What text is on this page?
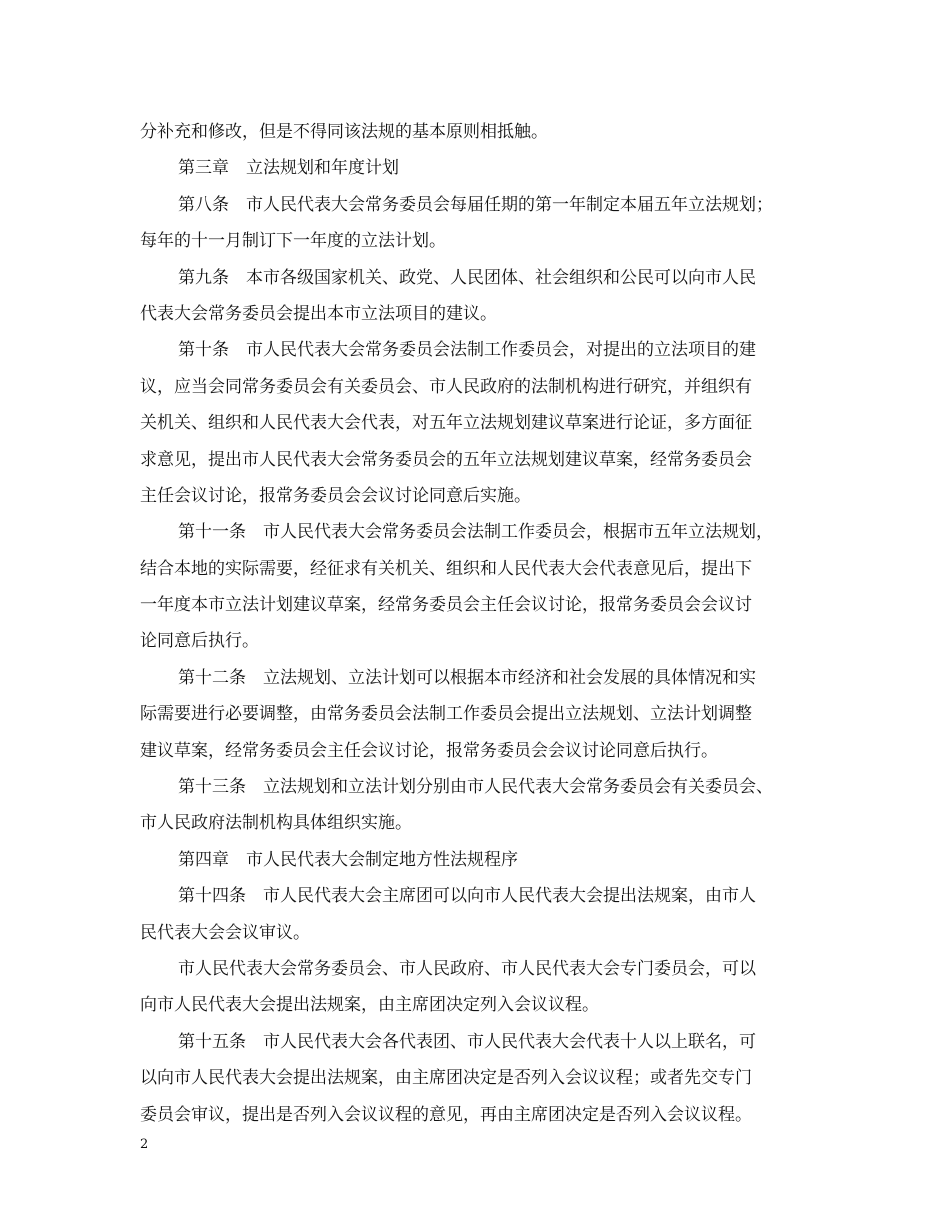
分补充和修改，但是不得同该法规的基本原则相抵触。
第三章　立法规划和年度计划
第八条　市人民代表大会常务委员会每届任期的第一年制定本届五年立法规划；
每年的十一月制订下一年度的立法计划。
第九条　本市各级国家机关、政党、人民团体、社会组织和公民可以向市人民
代表大会常务委员会提出本市立法项目的建议。
第十条　市人民代表大会常务委员会法制工作委员会，对提出的立法项目的建
议，应当会同常务委员会有关委员会、市人民政府的法制机构进行研究，并组织有
关机关、组织和人民代表大会代表，对五年立法规划建议草案进行论证，多方面征
求意见，提出市人民代表大会常务委员会的五年立法规划建议草案，经常务委员会
主任会议讨论，报常务委员会会议讨论同意后实施。
第十一条　市人民代表大会常务委员会法制工作委员会，根据市五年立法规划，
结合本地的实际需要，经征求有关机关、组织和人民代表大会代表意见后，提出下
一年度本市立法计划建议草案，经常务委员会主任会议讨论，报常务委员会会议讨
论同意后执行。
第十二条　立法规划、立法计划可以根据本市经济和社会发展的具体情况和实
际需要进行必要调整，由常务委员会法制工作委员会提出立法规划、立法计划调整
建议草案，经常务委员会主任会议讨论，报常务委员会会议讨论同意后执行。
第十三条　立法规划和立法计划分别由市人民代表大会常务委员会有关委员会、
市人民政府法制机构具体组织实施。
第四章　市人民代表大会制定地方性法规程序
第十四条　市人民代表大会主席团可以向市人民代表大会提出法规案，由市人
民代表大会会议审议。
市人民代表大会常务委员会、市人民政府、市人民代表大会专门委员会，可以
向市人民代表大会提出法规案，由主席团决定列入会议议程。
第十五条　市人民代表大会各代表团、市人民代表大会代表十人以上联名，可
以向市人民代表大会提出法规案，由主席团决定是否列入会议议程；或者先交专门
委员会审议，提出是否列入会议议程的意见，再由主席团决定是否列入会议议程。
2
